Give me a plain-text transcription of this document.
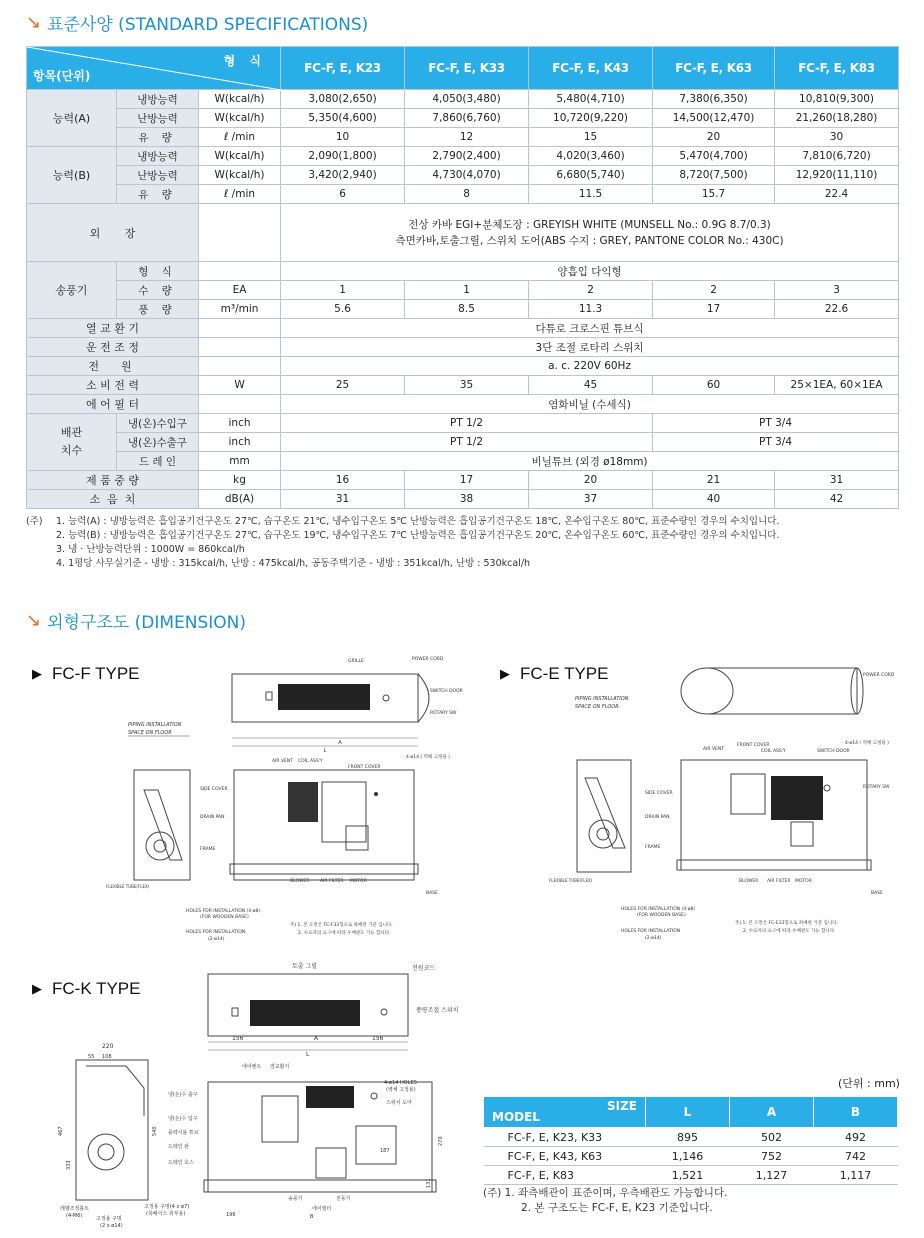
↘ 표준사양 (STANDARD SPECIFICATIONS)
형 식
항목(단위)			FC-F, E, K23	FC-F, E, K33	FC-F, E, K43	FC-F, E, K63	FC-F, E, K83
능력(A)	냉방능력	W(kcal/h)	3,080(2,650)	4,050(3,480)	5,480(4,710)	7,380(6,350)	10,810(9,300)
	난방능력	W(kcal/h)	5,350(4,600)	7,860(6,760)	10,720(9,220)	14,500(12,470)	21,260(18,280)
	유 량	ℓ /min	10	12	15	20	30
능력(B)	냉방능력	W(kcal/h)	2,090(1,800)	2,790(2,400)	4,020(3,460)	5,470(4,700)	7,810(6,720)
	난방능력	W(kcal/h)	3,420(2,940)	4,730(4,070)	6,680(5,740)	8,720(7,500)	12,920(11,110)
	유 량	ℓ /min	6	8	11.5	15.7	22.4
외       장			전상 카바 EGI+분체도장 : GREYISH WHITE (MUNSELL No.: 0.9G 8.7/0.3)
측면카바,토출그릴, 스위치 도어(ABS 수지 : GREY, PANTONE COLOR No.: 430C)				

송풍기	형 식		양흡입 다익형				
	수 량	EA	1	1	2	2	3
	풍 량	m³/min	5.6	8.5	11.3	17	22.6
열 교 환 기			다튜로 크로스핀 튜브식				
운 전 조 정			3단 조절 로타리 스위치				
전  원			a. c. 220V 60Hz				
소 비 전 력		W	25	35	45	60	25×1EA, 60×1EA
에 어 필 터			염화비닐 (수세식)				

배관
치수	냉(온)수입구	inch	PT 1/2			PT 3/4	
	냉(온)수출구	inch	PT 1/2			PT 3/4	
	드 레 인	mm	비닐튜브 (외경 ø18mm)				
제 품 중 량		kg	16	17	20	21	31
소  음  치		dB(A)	31	38	37	40	42
(주)	1. 능력(A) : 냉방능력은 흡입공기건구온도 27℃, 습구온도 21℃, 냉수입구온도 5℃ 난방능력은 흡입공기건구온도 18℃, 온수입구온도 80℃, 표준수량인 경우의 수치입니다.
2. 능력(B) : 냉방능력은 흡입공기건구온도 27℃, 습구온도 19℃, 냉수입구온도 7℃ 난방능력은 흡입공기건구온도 20℃, 온수입구온도 60℃, 표준수량인 경우의 수치입니다.
3. 냉 · 난방능력단위 : 1000W = 860kcal/h
4. 1평당 사무실기준 - 냉방 : 315kcal/h, 난방 : 475kcal/h, 공동주택기준 - 냉방 : 351kcal/h, 난방 : 530kcal/h
↘ 외형구조도 (DIMENSION)
▶ FC-F TYPE	▶ FC-E TYPE
▶ FC-K TYPE
A
L
GRILLE	POWER CORD
SWITCH DOOR
ROTARY SW
PIPING INSTALLATION
SPACE ON FLOOR
AIR VENT COIL ASS'Y
FRONT COVER
4-ø14 ( 벽체 고정용 )
SIDE COVER
DRAIN PAN
FRAME
FLEXIBLE TUBE(FLEX)
BLOWER AIR FILTER MOTOR
BASE
HOLES FOR INSTALLATION (4-ø8)
(FOR WOODEN BASE)
HOLES FOR INSTALLATION
(2-ø14)
주) 1. 본 도면은 FC-F33형으로 좌배관 기준 입니다.
2. 수요자의 요구에 따라 우배관도 가능 합니다.
POWER CORD
PIPING INSTALLATION
SPACE ON FLOOR
AIR VENT
FRONT COVER
COIL ASS'Y	SWITCH DOOR
4-ø14 ( 벽체 고정용 )
ROTARY SW
SIDE COVER
DRAIN PAN
FRAME
FLEXIBLE TUBE(FLEX)	BLOWER AIR FILTER MOTOR
BASE
HOLES FOR INSTALLATION (4-ø8)
(FOR WOODEN BASE)
HOLES FOR INSTALLATION
(2-ø14)
주) 1. 본 도면은 FC-E33형으로 좌배관 기준 입니다.
2. 수요자의 요구에 따라 우배관도 가능 합니다.
156	156
A
L
토출 그릴	전원코드
풍량조절 스위치
220
55 108
467	540
333
레벨조정볼트
(4-M6)	고정용 구멍
(2 x ø14)
고정용 구멍(4 x ø7)
(목베이스 취부용)
에어벤트 열교환기
4-ø14 HOLES
(벽체 고정용)
스위치 도어
냉(온)수 출구
냉(온)수 입구
플렉시블 튜브
드레인 판
드레인 호스
송풍기	전동기
에어필터
270
187
131
196	B
(단위 : mm)
SIZE
MODEL	L	A	B
FC-F, E, K23, K33	895	502	492
FC-F, E, K43, K63	1,146	752	742
FC-F, E, K83	1,521	1,127	1,117
(주) 1. 좌측배관이 표준이며, 우측배관도 가능합니다.
2. 본 구조도는 FC-F, E, K23 기준입니다.
